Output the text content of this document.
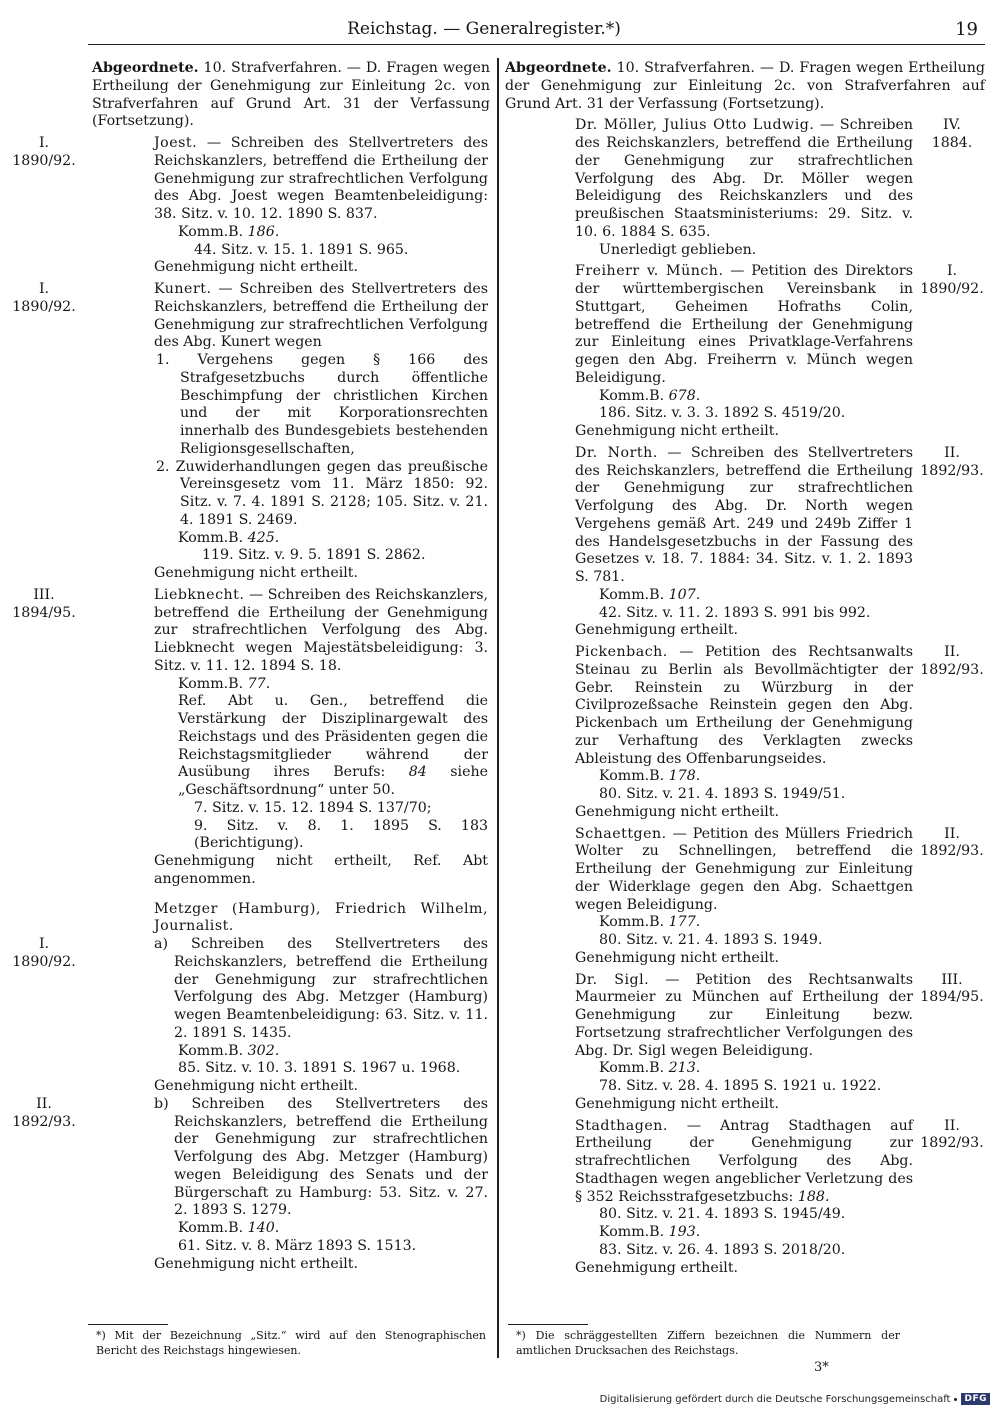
Reichstag. — Generalregister.*)	19
Abgeordnete. 10. Strafverfahren. — D. Fragen wegen Ertheilung der Genehmigung zur Einleitung 2c. von Strafverfahren auf Grund Art. 31 der Verfassung (Fortsetzung).
I.
1890/92.
Joest. — Schreiben des Stellvertreters des Reichskanzlers, betreffend die Ertheilung der Genehmigung zur strafrechtlichen Verfolgung des Abg. Joest wegen Beamtenbeleidigung: 38. Sitz. v. 10. 12. 1890 S. 837.
Komm.B. 186.
44. Sitz. v. 15. 1. 1891 S. 965.
Genehmigung nicht ertheilt.
I.
1890/92.
Kunert. — Schreiben des Stellvertreters des Reichskanzlers, betreffend die Ertheilung der Genehmigung zur strafrechtlichen Verfolgung des Abg. Kunert wegen
1. Vergehens gegen § 166 des Strafgesetzbuchs durch öffentliche Beschimpfung der christlichen Kirchen und der mit Korporationsrechten innerhalb des Bundesgebiets bestehenden Religionsgesellschaften,
2. Zuwiderhandlungen gegen das preußische Vereinsgesetz vom 11. März 1850: 92. Sitz. v. 7. 4. 1891 S. 2128; 105. Sitz. v. 21. 4. 1891 S. 2469.
Komm.B. 425.
119. Sitz. v. 9. 5. 1891 S. 2862.
Genehmigung nicht ertheilt.
III.
1894/95.
Liebknecht. — Schreiben des Reichskanzlers, betreffend die Ertheilung der Genehmigung zur strafrechtlichen Verfolgung des Abg. Liebknecht wegen Majestätsbeleidigung: 3. Sitz. v. 11. 12. 1894 S. 18.
Komm.B. 77.
Ref. Abt u. Gen., betreffend die Verstärkung der Disziplinargewalt des Reichstags und des Präsidenten gegen die Reichstagsmitglieder während der Ausübung ihres Berufs: 84 siehe „Geschäftsordnung“ unter 50.
7. Sitz. v. 15. 12. 1894 S. 137/70;
9. Sitz. v. 8. 1. 1895 S. 183 (Berichtigung).
Genehmigung nicht ertheilt, Ref. Abt angenommen.
Metzger (Hamburg), Friedrich Wilhelm, Journalist.
I.
1890/92.
a) Schreiben des Stellvertreters des Reichskanzlers, betreffend die Ertheilung der Genehmigung zur strafrechtlichen Verfolgung des Abg. Metzger (Hamburg) wegen Beamtenbeleidigung: 63. Sitz. v. 11. 2. 1891 S. 1435.
Komm.B. 302.
85. Sitz. v. 10. 3. 1891 S. 1967 u. 1968.
Genehmigung nicht ertheilt.
II.
1892/93.
b) Schreiben des Stellvertreters des Reichskanzlers, betreffend die Ertheilung der Genehmigung zur strafrechtlichen Verfolgung des Abg. Metzger (Hamburg) wegen Beleidigung des Senats und der Bürgerschaft zu Hamburg: 53. Sitz. v. 27. 2. 1893 S. 1279.
Komm.B. 140.
61. Sitz. v. 8. März 1893 S. 1513.
Genehmigung nicht ertheilt.
Abgeordnete. 10. Strafverfahren. — D. Fragen wegen Ertheilung der Genehmigung zur Einleitung 2c. von Strafverfahren auf Grund Art. 31 der Verfassung (Fortsetzung).
IV.
1884.
Dr. Möller, Julius Otto Ludwig. — Schreiben des Reichskanzlers, betreffend die Ertheilung der Genehmigung zur strafrechtlichen Verfolgung des Abg. Dr. Möller wegen Beleidigung des Reichskanzlers und des preußischen Staatsministeriums: 29. Sitz. v. 10. 6. 1884 S. 635.
Unerledigt geblieben.
I.
1890/92.
Freiherr v. Münch. — Petition des Direktors der württembergischen Vereinsbank in Stuttgart, Geheimen Hofraths Colin, betreffend die Ertheilung der Genehmigung zur Einleitung eines Privatklage-Verfahrens gegen den Abg. Freiherrn v. Münch wegen Beleidigung.
Komm.B. 678.
186. Sitz. v. 3. 3. 1892 S. 4519/20.
Genehmigung nicht ertheilt.
II.
1892/93.
Dr. North. — Schreiben des Stellvertreters des Reichskanzlers, betreffend die Ertheilung der Genehmigung zur strafrechtlichen Verfolgung des Abg. Dr. North wegen Vergehens gemäß Art. 249 und 249b Ziffer 1 des Handelsgesetzbuchs in der Fassung des Gesetzes v. 18. 7. 1884: 34. Sitz. v. 1. 2. 1893 S. 781.
Komm.B. 107.
42. Sitz. v. 11. 2. 1893 S. 991 bis 992.
Genehmigung ertheilt.
II.
1892/93.
Pickenbach. — Petition des Rechtsanwalts Steinau zu Berlin als Bevollmächtigter der Gebr. Reinstein zu Würzburg in der Civilprozeßsache Reinstein gegen den Abg. Pickenbach um Ertheilung der Genehmigung zur Verhaftung des Verklagten zwecks Ableistung des Offenbarungseides.
Komm.B. 178.
80. Sitz. v. 21. 4. 1893 S. 1949/51.
Genehmigung nicht ertheilt.
II.
1892/93.
Schaettgen. — Petition des Müllers Friedrich Wolter zu Schnellingen, betreffend die Ertheilung der Genehmigung zur Einleitung der Widerklage gegen den Abg. Schaettgen wegen Beleidigung.
Komm.B. 177.
80. Sitz. v. 21. 4. 1893 S. 1949.
Genehmigung nicht ertheilt.
III.
1894/95.
Dr. Sigl. — Petition des Rechtsanwalts Maurmeier zu München auf Ertheilung der Genehmigung zur Einleitung bezw. Fortsetzung strafrechtlicher Verfolgungen des Abg. Dr. Sigl wegen Beleidigung.
Komm.B. 213.
78. Sitz. v. 28. 4. 1895 S. 1921 u. 1922.
Genehmigung nicht ertheilt.
II.
1892/93.
Stadthagen. — Antrag Stadthagen auf Ertheilung der Genehmigung zur strafrechtlichen Verfolgung des Abg. Stadthagen wegen angeblicher Verletzung des § 352 Reichsstrafgesetzbuchs: 188.
80. Sitz. v. 21. 4. 1893 S. 1945/49.
Komm.B. 193.
83. Sitz. v. 26. 4. 1893 S. 2018/20.
Genehmigung ertheilt.
*) Mit der Bezeichnung „Sitz.“ wird auf den Stenographischen Bericht des Reichstags hingewiesen.
*) Die schräggestellten Ziffern bezeichnen die Nummern der amtlichen Drucksachen des Reichstags.
3*
Digitalisierung gefördert durch die Deutsche Forschungsgemeinschaft	DFG
